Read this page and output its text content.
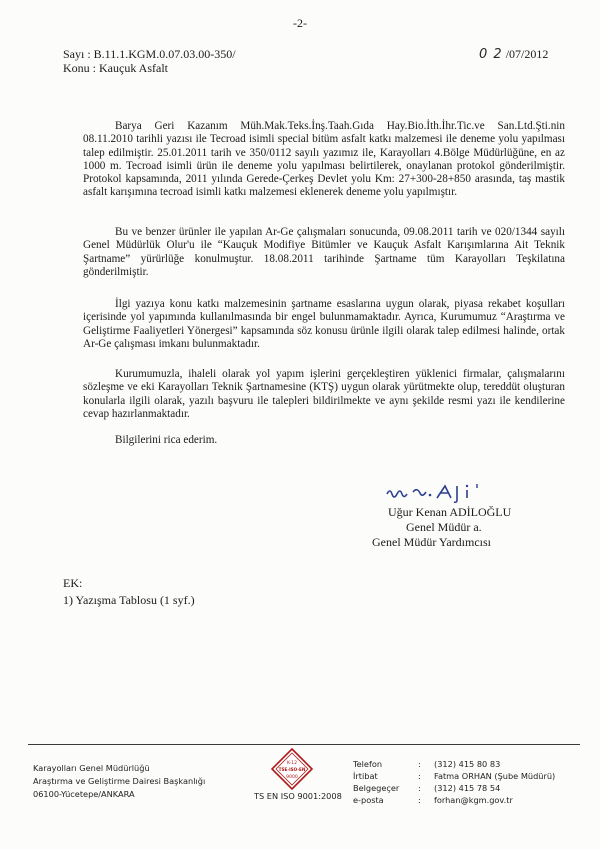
-2-
Sayı : B.11.1.KGM.0.07.03.00-350/
Konu : Kauçuk Asfalt
0 2 /07/2012

Barya Geri Kazanım Müh.Mak.Teks.İnş.Taah.Gıda Hay.Bio.İth.İhr.Tic.ve San.Ltd.Şti.nin 08.11.2010 tarihli yazısı ile Tecroad isimli special bitüm asfalt katkı malzemesi ile deneme yolu yapılması talep edilmiştir. 25.01.2011 tarih ve 350/0112 sayılı yazımız ile, Karayolları 4.Bölge Müdürlüğüne, en az 1000 m. Tecroad isimli ürün ile deneme yolu yapılması belirtilerek, onaylanan protokol gönderilmiştir. Protokol kapsamında, 2011 yılında Gerede-Çerkeş Devlet yolu Km: 27+300-28+850 arasında, taş mastik asfalt karışımına tecroad isimli katkı malzemesi eklenerek deneme yolu yapılmıştır.

Bu ve benzer ürünler ile yapılan Ar-Ge çalışmaları sonucunda, 09.08.2011 tarih ve 020/1344 sayılı Genel Müdürlük Olur'u ile “Kauçuk Modifiye Bitümler ve Kauçuk Asfalt Karışımlarına Ait Teknik Şartname” yürürlüğe konulmuştur. 18.08.2011 tarihinde Şartname tüm Karayolları Teşkilatına gönderilmiştir.

İlgi yazıya konu katkı malzemesinin şartname esaslarına uygun olarak, piyasa rekabet koşulları içerisinde yol yapımında kullanılmasında bir engel bulunmamaktadır. Ayrıca, Kurumumuz “Araştırma ve Geliştirme Faaliyetleri Yönergesi” kapsamında söz konusu ürünle ilgili olarak talep edilmesi halinde, ortak Ar-Ge çalışması imkanı bulunmaktadır.

Kurumumuzla, ihaleli olarak yol yapım işlerini gerçekleştiren yüklenici firmalar, çalışmalarını sözleşme ve eki Karayolları Teknik Şartnamesine (KTŞ) uygun olarak yürütmekte olup, tereddüt oluşturan konularla ilgili olarak, yazılı başvuru ile talepleri bildirilmekte ve aynı şekilde resmi yazı ile kendilerine cevap hazırlanmaktadır.

Bilgilerini rica ederim.

Uğur Kenan ADİLOĞLU
Genel Müdür a.
Genel Müdür Yardımcısı
EK:
1) Yazışma Tablosu (1 syf.)
Karayolları Genel Müdürlüğü
Araştırma ve Geliştirme Dairesi Başkanlığı
06100-Yücetepe/ANKARA
K-12
TSE-ISO-EN
9000
TS EN ISO 9001:2008
Telefon	:	(312) 415 80 83
İrtibat	:	Fatma ORHAN (Şube Müdürü)
Belgegeçer	:	(312) 415 78 54
e-posta	:	forhan@kgm.gov.tr
